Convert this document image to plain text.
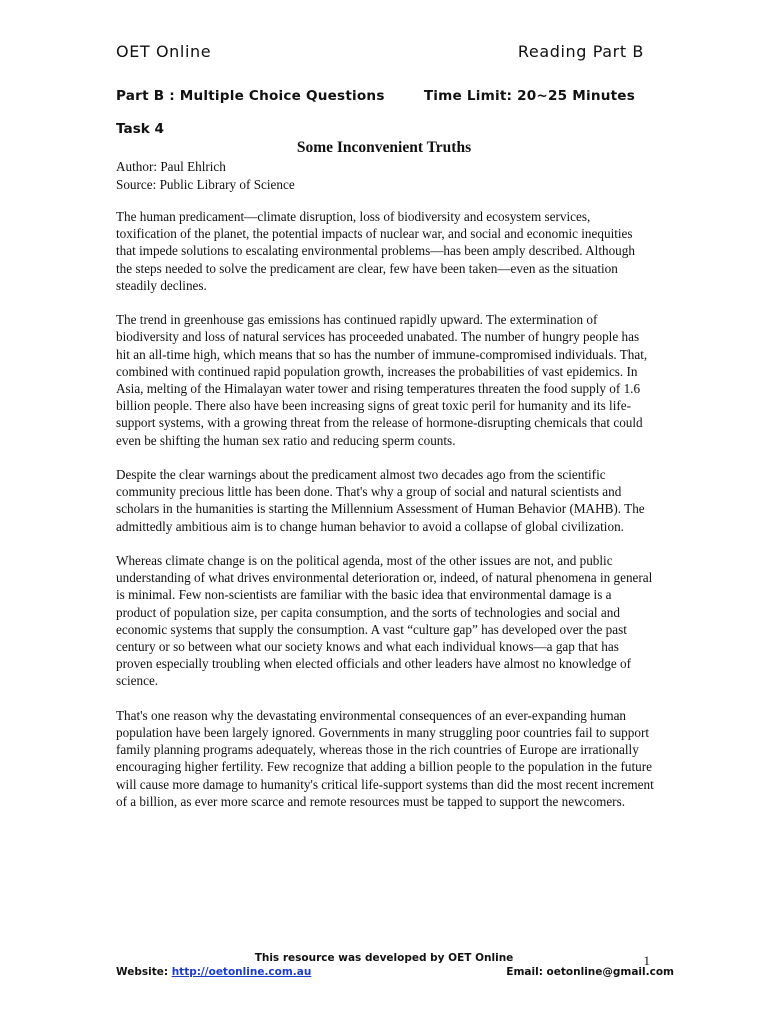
OET Online	Reading Part B
Part B : Multiple Choice Questions	Time Limit: 20~25 Minutes
Task 4
Some Inconvenient Truths
Author: Paul Ehlrich
Source: Public Library of Science

The human predicament—climate disruption, loss of biodiversity and ecosystem services, toxification of the planet, the potential impacts of nuclear war, and social and economic inequities that impede solutions to escalating environmental problems—has been amply described. Although the steps needed to solve the predicament are clear, few have been taken—even as the situation steadily declines.

The trend in greenhouse gas emissions has continued rapidly upward. The extermination of biodiversity and loss of natural services has proceeded unabated. The number of hungry people has hit an all-time high, which means that so has the number of immune-compromised individuals. That, combined with continued rapid population growth, increases the probabilities of vast epidemics. In Asia, melting of the Himalayan water tower and rising temperatures threaten the food supply of 1.6 billion people. There also have been increasing signs of great toxic peril for humanity and its life-support systems, with a growing threat from the release of hormone-disrupting chemicals that could even be shifting the human sex ratio and reducing sperm counts.

Despite the clear warnings about the predicament almost two decades ago from the scientific community precious little has been done. That's why a group of social and natural scientists and scholars in the humanities is starting the Millennium Assessment of Human Behavior (MAHB). The admittedly ambitious aim is to change human behavior to avoid a collapse of global civilization.

Whereas climate change is on the political agenda, most of the other issues are not, and public understanding of what drives environmental deterioration or, indeed, of natural phenomena in general is minimal. Few non-scientists are familiar with the basic idea that environmental damage is a product of population size, per capita consumption, and the sorts of technologies and social and economic systems that supply the consumption. A vast “culture gap” has developed over the past century or so between what our society knows and what each individual knows—a gap that has proven especially troubling when elected officials and other leaders have almost no knowledge of science.

That's one reason why the devastating environmental consequences of an ever-expanding human population have been largely ignored. Governments in many struggling poor countries fail to support family planning programs adequately, whereas those in the rich countries of Europe are irrationally encouraging higher fertility. Few recognize that adding a billion people to the population in the future will cause more damage to humanity's critical life-support systems than did the most recent increment of a billion, as ever more scarce and remote resources must be tapped to support the newcomers.

This resource was developed by OET Online	1
Website: http://oetonline.com.au	Email: oetonline@gmail.com
